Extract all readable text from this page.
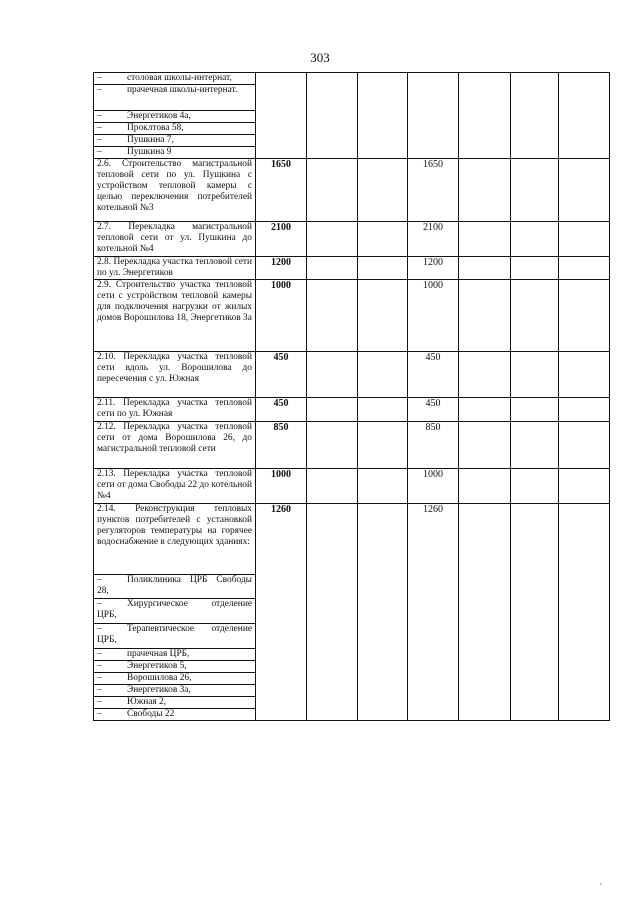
303
– столовая школы-интернат,							
– прачечная школы-интернат.							
– Энергетиков 4а,							
– Проклтова 58,							
– Пушкина 7,							
– Пушкина 9							
2.6. Строительство магистральной тепловой сети по ул. Пушкина с устройством тепловой камеры с целью переключения потребителей котельной №3	1650			1650			
2.7. Перекладка магистральной тепловой сети от ул. Пушкина до котельной №4	2100			2100			
2.8. Перекладка участка тепловой сети по ул. Энергетиков	1200			1200			
2.9. Строительство участка тепловой сети с устройством тепловой камеры для подключения нагрузки от жилых домов Ворошилова 18, Энергетиков 3а	1000			1000			
2.10. Перекладка участка тепловой сети вдоль ул. Ворошилова до пересечения с ул. Южная	450			450			
2.11. Перекладка участка тепловой сети по ул. Южная	450			450			
2.12. Перекладка участка тепловой сети от дома Ворошилова 26, до магистральной тепловой сети	850			850			
2.13. Перекладка участка тепловой сети от дома Свободы 22 до котельной №4	1000			1000			
2.14. Реконструкция тепловых пунктов потребителей с установкой регуляторов температуры на горячее водоснабжение в следующих зданиях:	1260			1260			
– Поликлиника ЦРБ Свободы 28,							
– Хирургическое отделение ЦРБ,							
– Терапевтическое отделение ЦРБ,							
– прачечная ЦРБ,							
– Энергетиков 5,							
– Ворошилова 26,							
– Энергетиков 3а,							
– Южная 2,							
– Свободы 22							
,
